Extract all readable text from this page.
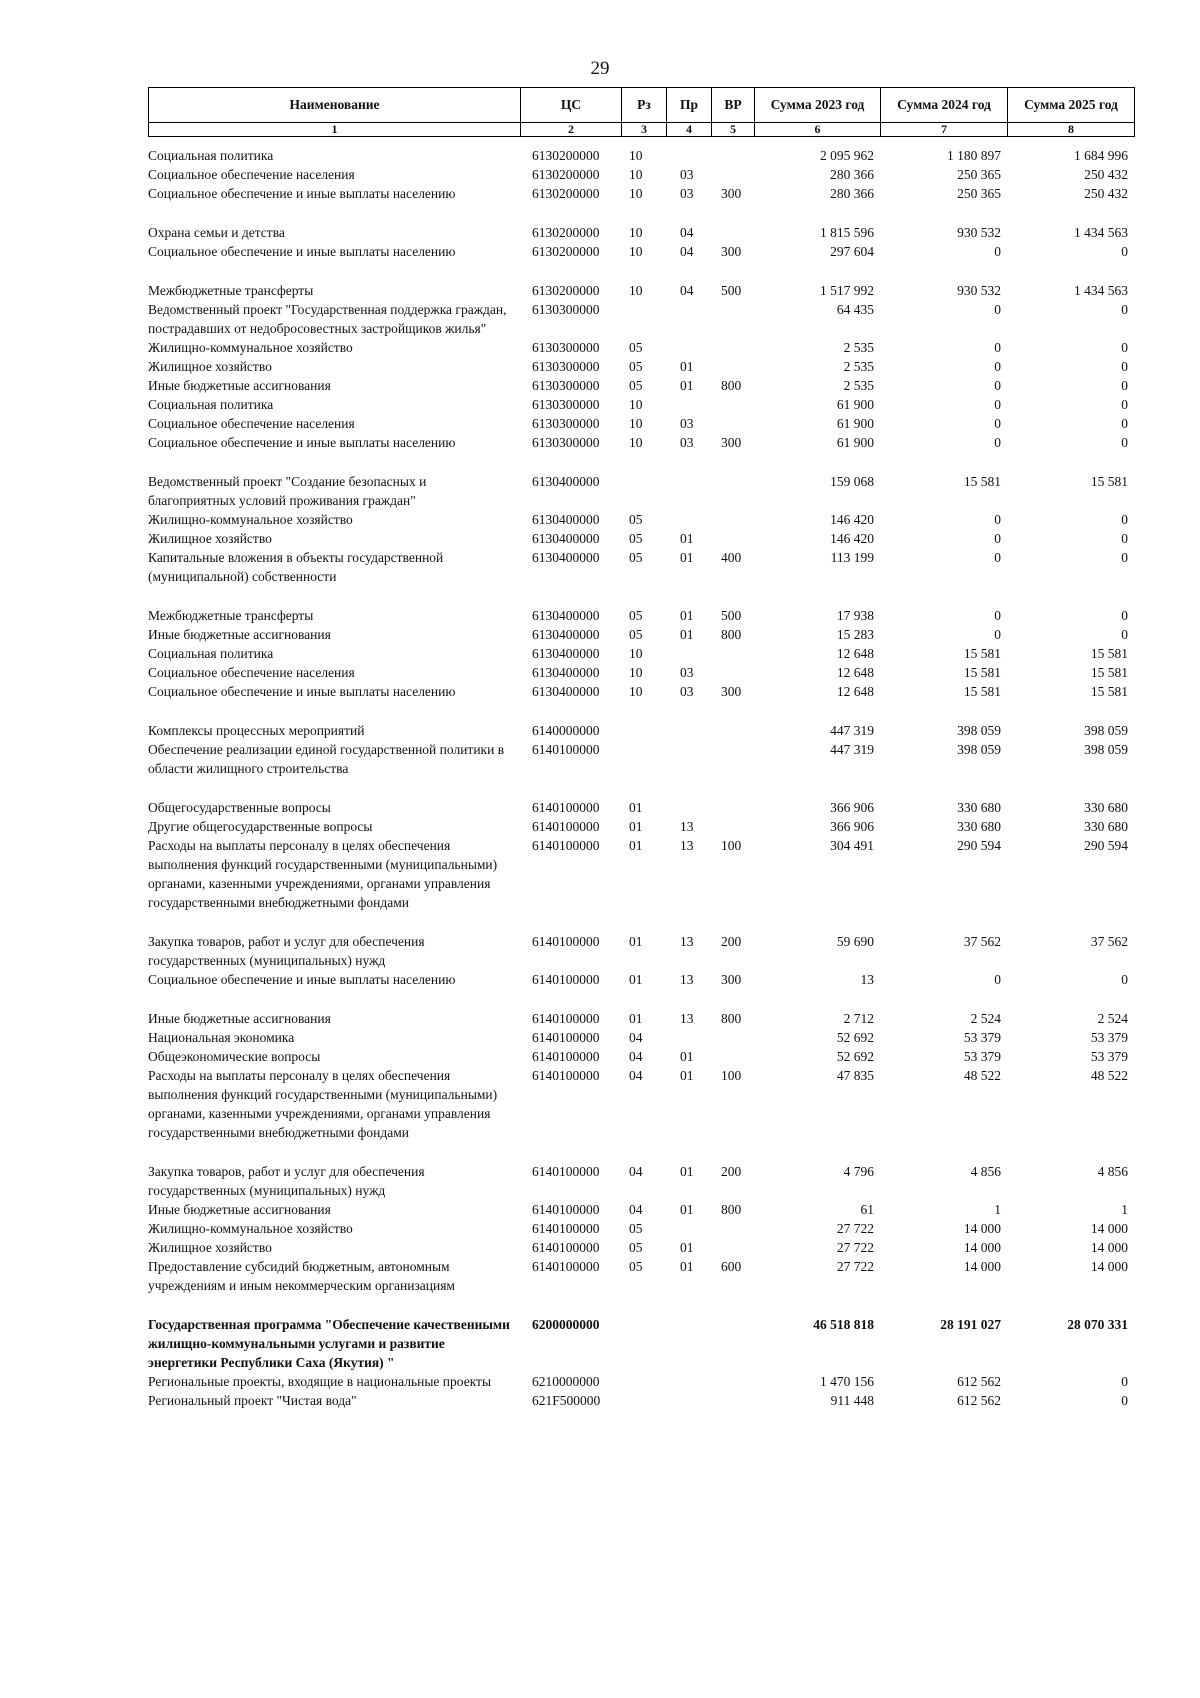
29
Наименование	ЦС	Рз	Пр	ВР	Сумма 2023 год	Сумма 2024 год	Сумма 2025 год
1	2	3	4	5	6	7	8
Социальная политика	6130200000	10			2 095 962	1 180 897	1 684 996
Социальное обеспечение населения	6130200000	10	03		280 366	250 365	250 432
Социальное обеспечение и иные выплаты населению	6130200000	10	03	300	280 366	250 365	250 432

Охрана семьи и детства	6130200000	10	04		1 815 596	930 532	1 434 563
Социальное обеспечение и иные выплаты населению	6130200000	10	04	300	297 604	0	0

Межбюджетные трансферты	6130200000	10	04	500	1 517 992	930 532	1 434 563
Ведомственный проект "Государственная поддержка граждан, пострадавших от недобросовестных застройщиков жилья"	6130300000				64 435	0	0
Жилищно-коммунальное хозяйство	6130300000	05			2 535	0	0
Жилищное хозяйство	6130300000	05	01		2 535	0	0
Иные бюджетные ассигнования	6130300000	05	01	800	2 535	0	0
Социальная политика	6130300000	10			61 900	0	0
Социальное обеспечение населения	6130300000	10	03		61 900	0	0
Социальное обеспечение и иные выплаты населению	6130300000	10	03	300	61 900	0	0

Ведомственный проект "Создание безопасных и благоприятных условий проживания граждан"	6130400000				159 068	15 581	15 581
Жилищно-коммунальное хозяйство	6130400000	05			146 420	0	0
Жилищное хозяйство	6130400000	05	01		146 420	0	0
Капитальные вложения в объекты государственной (муниципальной) собственности	6130400000	05	01	400	113 199	0	0

Межбюджетные трансферты	6130400000	05	01	500	17 938	0	0
Иные бюджетные ассигнования	6130400000	05	01	800	15 283	0	0
Социальная политика	6130400000	10			12 648	15 581	15 581
Социальное обеспечение населения	6130400000	10	03		12 648	15 581	15 581
Социальное обеспечение и иные выплаты населению	6130400000	10	03	300	12 648	15 581	15 581

Комплексы процессных мероприятий	6140000000				447 319	398 059	398 059
Обеспечение реализации единой государственной политики в области жилищного строительства	6140100000				447 319	398 059	398 059

Общегосударственные вопросы	6140100000	01			366 906	330 680	330 680
Другие общегосударственные вопросы	6140100000	01	13		366 906	330 680	330 680
Расходы на выплаты персоналу в целях обеспечения выполнения функций государственными (муниципальными) органами, казенными учреждениями, органами управления государственными внебюджетными фондами	6140100000	01	13	100	304 491	290 594	290 594

Закупка товаров, работ и услуг для обеспечения государственных (муниципальных) нужд	6140100000	01	13	200	59 690	37 562	37 562
Социальное обеспечение и иные выплаты населению	6140100000	01	13	300	13	0	0

Иные бюджетные ассигнования	6140100000	01	13	800	2 712	2 524	2 524
Национальная экономика	6140100000	04			52 692	53 379	53 379
Общеэкономические вопросы	6140100000	04	01		52 692	53 379	53 379
Расходы на выплаты персоналу в целях обеспечения выполнения функций государственными (муниципальными) органами, казенными учреждениями, органами управления государственными внебюджетными фондами	6140100000	04	01	100	47 835	48 522	48 522

Закупка товаров, работ и услуг для обеспечения государственных (муниципальных) нужд	6140100000	04	01	200	4 796	4 856	4 856
Иные бюджетные ассигнования	6140100000	04	01	800	61	1	1
Жилищно-коммунальное хозяйство	6140100000	05			27 722	14 000	14 000
Жилищное хозяйство	6140100000	05	01		27 722	14 000	14 000
Предоставление субсидий бюджетным, автономным учреждениям и иным некоммерческим организациям	6140100000	05	01	600	27 722	14 000	14 000

Государственная программа "Обеспечение качественными жилищно-коммунальными услугами и развитие энергетики Республики Саха (Якутия) "	6200000000				46 518 818	28 191 027	28 070 331
Региональные проекты, входящие в национальные проекты	6210000000				1 470 156	612 562	0
Региональный проект "Чистая вода"	621F500000				911 448	612 562	0
